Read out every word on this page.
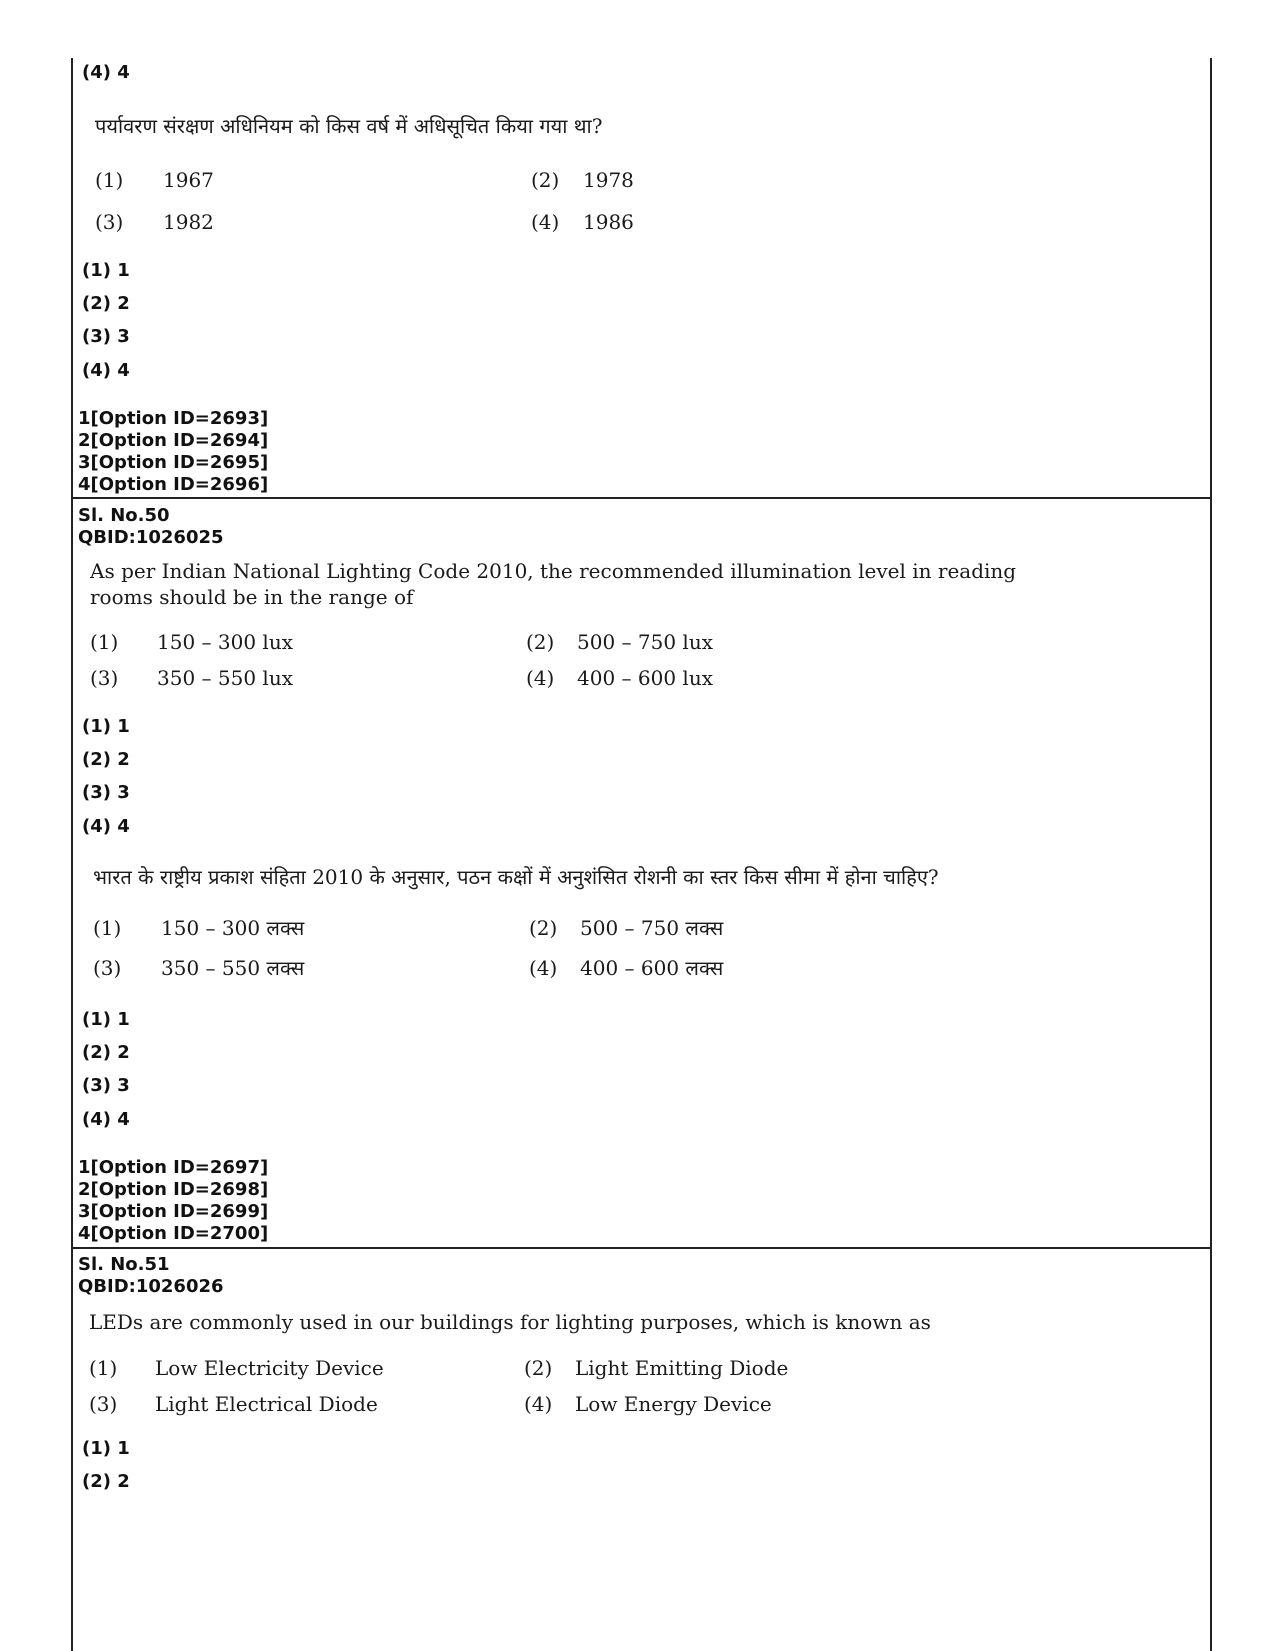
(4) 4
पर्यावरण संरक्षण अधिनियम को किस वर्ष में अधिसूचित किया गया था?
(1) 1967	(2) 1978
(3) 1982	(4) 1986
(1) 1
(2) 2
(3) 3
(4) 4
1[Option ID=2693]
2[Option ID=2694]
3[Option ID=2695]
4[Option ID=2696]
Sl. No.50
QBID:1026025
As per Indian National Lighting Code 2010, the recommended illumination level in reading
rooms should be in the range of
(1) 150 – 300 lux	(2) 500 – 750 lux
(3) 350 – 550 lux	(4) 400 – 600 lux
(1) 1
(2) 2
(3) 3
(4) 4
भारत के राष्ट्रीय प्रकाश संहिता 2010 के अनुसार, पठन कक्षों में अनुशंसित रोशनी का स्तर किस सीमा में होना चाहिए?
(1) 150 – 300 लक्स	(2) 500 – 750 लक्स
(3) 350 – 550 लक्स	(4) 400 – 600 लक्स
(1) 1
(2) 2
(3) 3
(4) 4
1[Option ID=2697]
2[Option ID=2698]
3[Option ID=2699]
4[Option ID=2700]
Sl. No.51
QBID:1026026
LEDs are commonly used in our buildings for lighting purposes, which is known as
(1) Low Electricity Device	(2) Light Emitting Diode
(3) Light Electrical Diode	(4) Low Energy Device
(1) 1
(2) 2
